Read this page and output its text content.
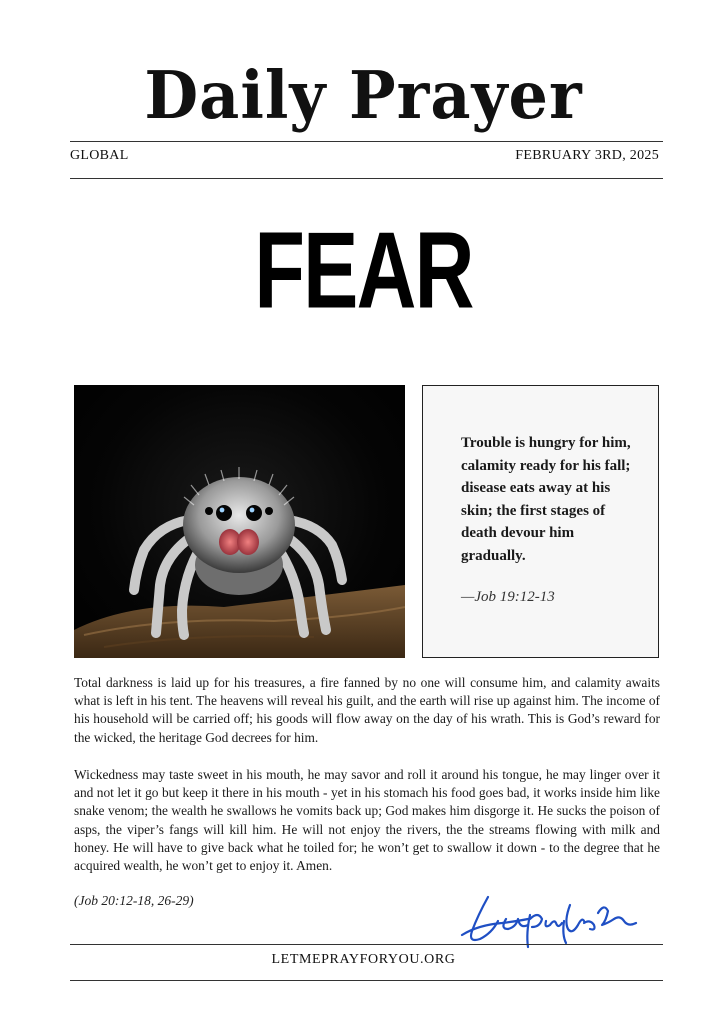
Daily Prayer
GLOBAL	FEBRUARY 3RD, 2025
FEAR
Trouble is hungry for him, calamity ready for his fall; disease eats away at his skin; the first stages of death devour him gradually.
—Job 19:12-13
Total darkness is laid up for his treasures, a fire fanned by no one will consume him, and calamity awaits what is left in his tent. The heavens will reveal his guilt, and the earth will rise up against him. The income of his household will be carried off; his goods will flow away on the day of his wrath. This is God’s reward for the wicked, the heritage God decrees for him.
Wickedness may taste sweet in his mouth, he may savor and roll it around his tongue, he may linger over it and not let it go but keep it there in his mouth - yet in his stomach his food goes bad, it works inside him like snake venom; the wealth he swallows he vomits back up; God makes him disgorge it. He sucks the poison of asps, the viper’s fangs will kill him. He will not enjoy the rivers, the the streams flowing with milk and honey. He will have to give back what he toiled for; he won’t get to swallow it down - to the degree that he acquired wealth, he won’t get to enjoy it. Amen.
(Job 20:12-18, 26-29)
LETMEPRAYFORYOU.ORG
